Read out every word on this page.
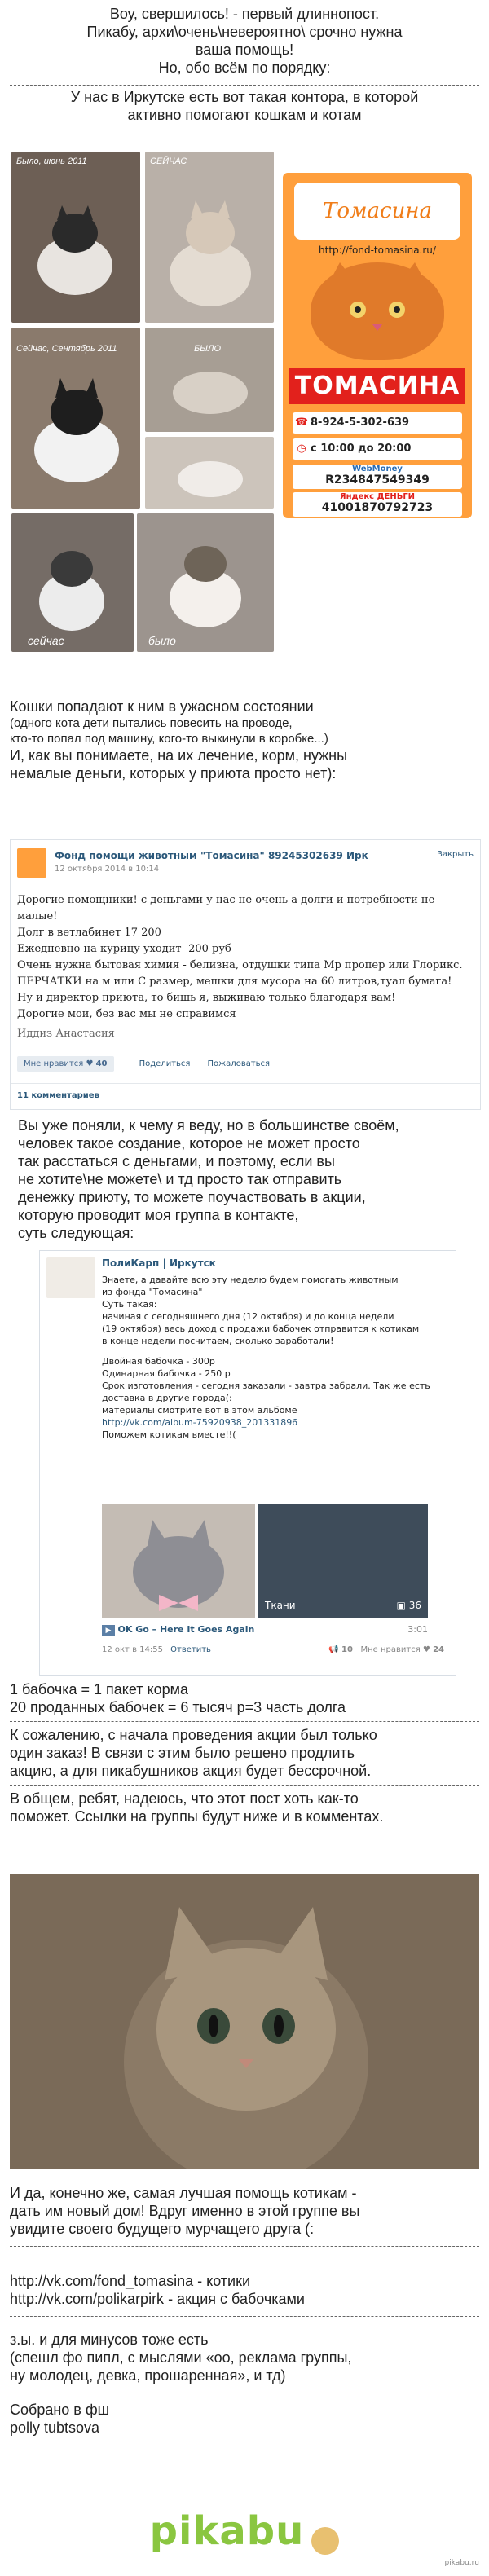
Воу, свершилось! - первый длиннопост.
Пикабу, архи\очень\невероятно\ срочно нужна
ваша помощь!
Но, обо всём по порядку:
У нас в Иркутске есть вот такая контора, в которой
активно помогают кошкам и котам
Было, июнь 2011	СЕЙЧАС
Сейчас, Сентябрь 2011	БЫЛО
сейчас	было
Томасина
http://fond-tomasina.ru/
ТОМАСИНА
☎ 8-924-5-302-639
◷ с 10:00 до 20:00
WebMoney
R234847549349
Яндекс ДЕНЬГИ
41001870792723
Кошки попадают к ним в ужасном состоянии
(одного кота дети пытались повесить на проводе,
кто-то попал под машину, кого-то выкинули в коробке...)
И, как вы понимаете, на их лечение, корм, нужны
немалые деньги, которых у приюта просто нет):
Фонд помощи животным "Томасина" 89245302639 Ирк
12 октября 2014 в 10:14
Закрыть
Дорогие помощники! с деньгами у нас не очень а долги и потребности не малые!
Долг в ветлабинет 17 200
Ежедневно на курицу уходит -200 руб
Очень нужна бытовая химия - белизна, отдушки типа Мр пропер или Глорикс.
ПЕРЧАТКИ на м или С размер, мешки для мусора на 60 литров,туал бумага!
Ну и директор приюта, то бишь я, выживаю только благодаря вам!
Дорогие мои, без вас мы не справимся
Иддиз Анастасия
Мне нравится ♥ 40	Поделиться Пожаловаться
11 комментариев
Вы уже поняли, к чему я веду, но в большинстве своём,
человек такое создание, которое не может просто
так расстаться с деньгами, и поэтому, если вы
не хотите\не можете\ и тд просто так отправить
денежку приюту, то можете поучаствовать в акции,
которую проводит моя группа в контакте,
суть следующая:
ПолиКарп | Иркутск
Знаете, а давайте всю эту неделю будем помогать животным
из фонда "Томасина"
Суть такая:
начиная с сегодняшнего дня (12 октября) и до конца недели
(19 октября) весь доход с продажи бабочек отправится к котикам
в конце недели посчитаем, сколько заработали!
Двойная бабочка - 300р
Одинарная бабочка - 250 р
Срок изготовления - сегодня заказали - завтра забрали. Так же есть доставка в другие города(:
материалы смотрите вот в этом альбоме
http://vk.com/album-75920938_201331896
Поможем котикам вместе!!(
Ткани	▣ 36
▶ OK Go – Here It Goes Again	3:01
12 окт в 14:55 Ответить	📢 10 Мне нравится ♥ 24
1 бабочка = 1 пакет корма
20 проданных бабочек = 6 тысяч р=3 часть долга
К сожалению, с начала проведения акции был только
один заказ! В связи с этим было решено продлить
акцию, а для пикабушников акция будет бессрочной.
В общем, ребят, надеюсь, что этот пост хоть как-то
поможет. Ссылки на группы будут ниже и в комментах.
И да, конечно же, самая лучшая помощь котикам -
дать им новый дом! Вдруг именно в этой группе вы
увидите своего будущего мурчащего друга (:
http://vk.com/fond_tomasina - котики
http://vk.com/polikarpirk - акция с бабочками
з.ы. и для минусов тоже есть
(спешл фо пипл, с мыслями «оо, реклама группы,
ну молодец, девка, прошаренная», и тд)
Собрано в фш
polly tubtsova
pikabu
pikabu.ru
